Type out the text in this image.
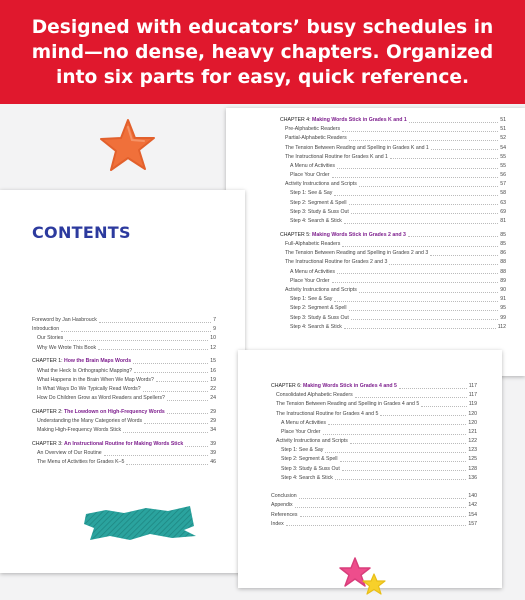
Designed with educators’ busy schedules in
mind—no dense, heavy chapters. Organized
into six parts for easy, quick reference.
CHAPTER 4: Making Words Stick in Grades K and 1	51
Pre-Alphabetic Readers	51
Partial-Alphabetic Readers	52
The Tension Between Reading and Spelling in Grades K and 1	54
The Instructional Routine for Grades K and 1	55
A Menu of Activities	55
Place Your Order	56
Activity Instructions and Scripts	57
Step 1: See & Say	58
Step 2: Segment & Spell	63
Step 3: Study & Suss Out	69
Step 4: Search & Stick	81
CHAPTER 5: Making Words Stick in Grades 2 and 3	85
Full-Alphabetic Readers	85
The Tension Between Reading and Spelling in Grades 2 and 3	86
The Instructional Routine for Grades 2 and 3	88
A Menu of Activities	88
Place Your Order	89
Activity Instructions and Scripts	90
Step 1: See & Say	91
Step 2: Segment & Spell	95
Step 3: Study & Suss Out	99
Step 4: Search & Stick	112
CONTENTS
Foreword by Jan Hasbrouck	7
Introduction	9
Our Stories	10
Why We Wrote This Book	12
CHAPTER 1: How the Brain Maps Words	15
What the Heck Is Orthographic Mapping?	16
What Happens in the Brain When We Map Words?	19
In What Ways Do We Typically Read Words?	22
How Do Children Grow as Word Readers and Spellers?	24
CHAPTER 2: The Lowdown on High-Frequency Words	29
Understanding the Many Categories of Words	29
Making High-Frequency Words Stick	34
CHAPTER 3: An Instructional Routine for Making Words Stick	39
An Overview of Our Routine	39
The Menu of Activities for Grades K–5	46
CHAPTER 6: Making Words Stick in Grades 4 and 5	117
Consolidated Alphabetic Readers	117
The Tension Between Reading and Spelling in Grades 4 and 5	119
The Instructional Routine for Grades 4 and 5	120
A Menu of Activities	120
Place Your Order	121
Activity Instructions and Scripts	122
Step 1: See & Say	123
Step 2: Segment & Spell	125
Step 3: Study & Suss Out	128
Step 4: Search & Stick	136
Conclusion	140
Appendix	142
References	154
Index	157
